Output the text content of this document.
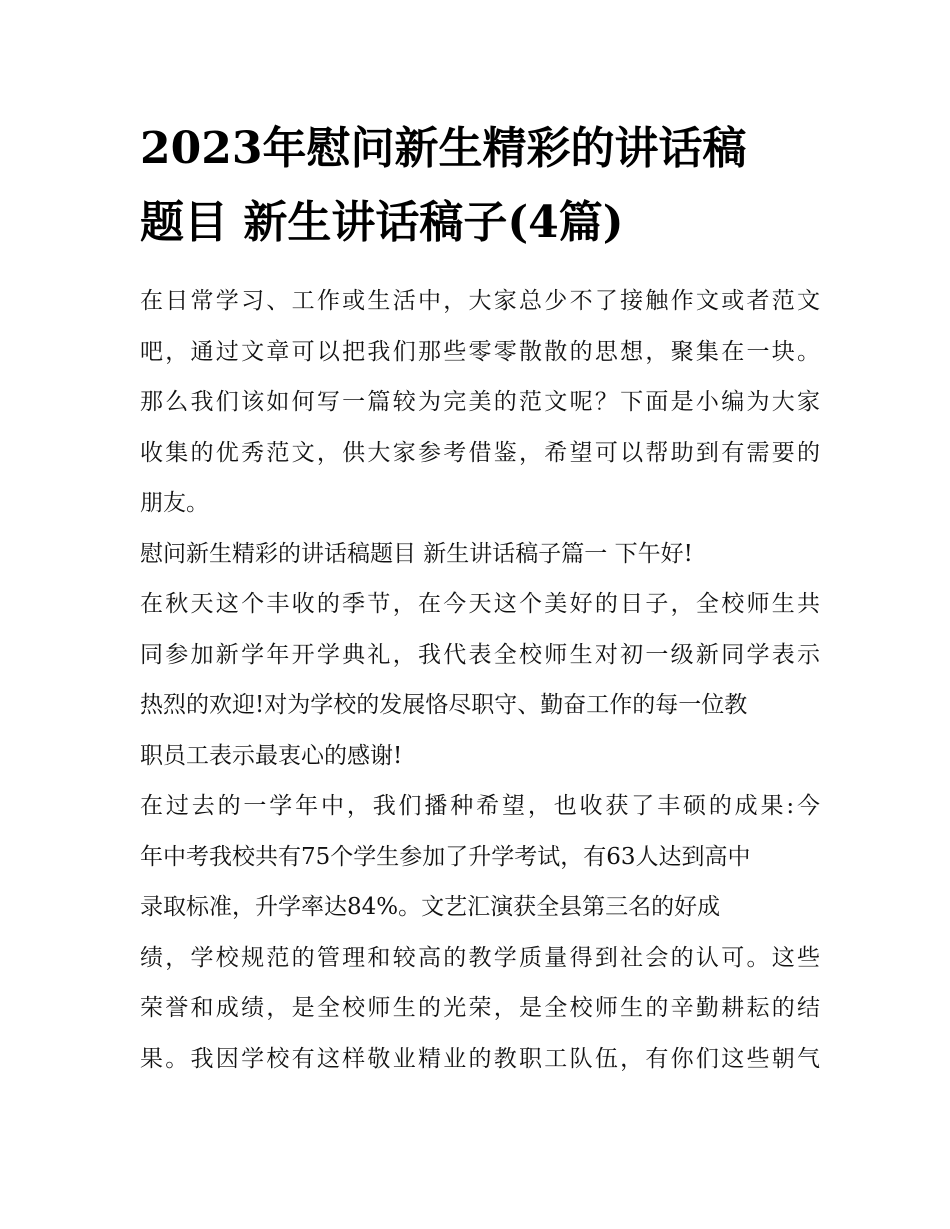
2023年慰问新生精彩的讲话稿
题目 新生讲话稿子(4篇)
在日常学习、工作或生活中，大家总少不了接触作文或者范文
吧，通过文章可以把我们那些零零散散的思想，聚集在一块。
那么我们该如何写一篇较为完美的范文呢？下面是小编为大家
收集的优秀范文，供大家参考借鉴，希望可以帮助到有需要的
朋友。
慰问新生精彩的讲话稿题目 新生讲话稿子篇一 下午好!
在秋天这个丰收的季节，在今天这个美好的日子，全校师生共
同参加新学年开学典礼，我代表全校师生对初一级新同学表示
热烈的欢迎!对为学校的发展恪尽职守、勤奋工作的每一位教
职员工表示最衷心的感谢!
在过去的一学年中，我们播种希望，也收获了丰硕的成果:今
年中考我校共有75个学生参加了升学考试，有63人达到高中
录取标准，升学率达84%。文艺汇演获全县第三名的好成
绩，学校规范的管理和较高的教学质量得到社会的认可。这些
荣誉和成绩，是全校师生的光荣，是全校师生的辛勤耕耘的结
果。我因学校有这样敬业精业的教职工队伍，有你们这些朝气
